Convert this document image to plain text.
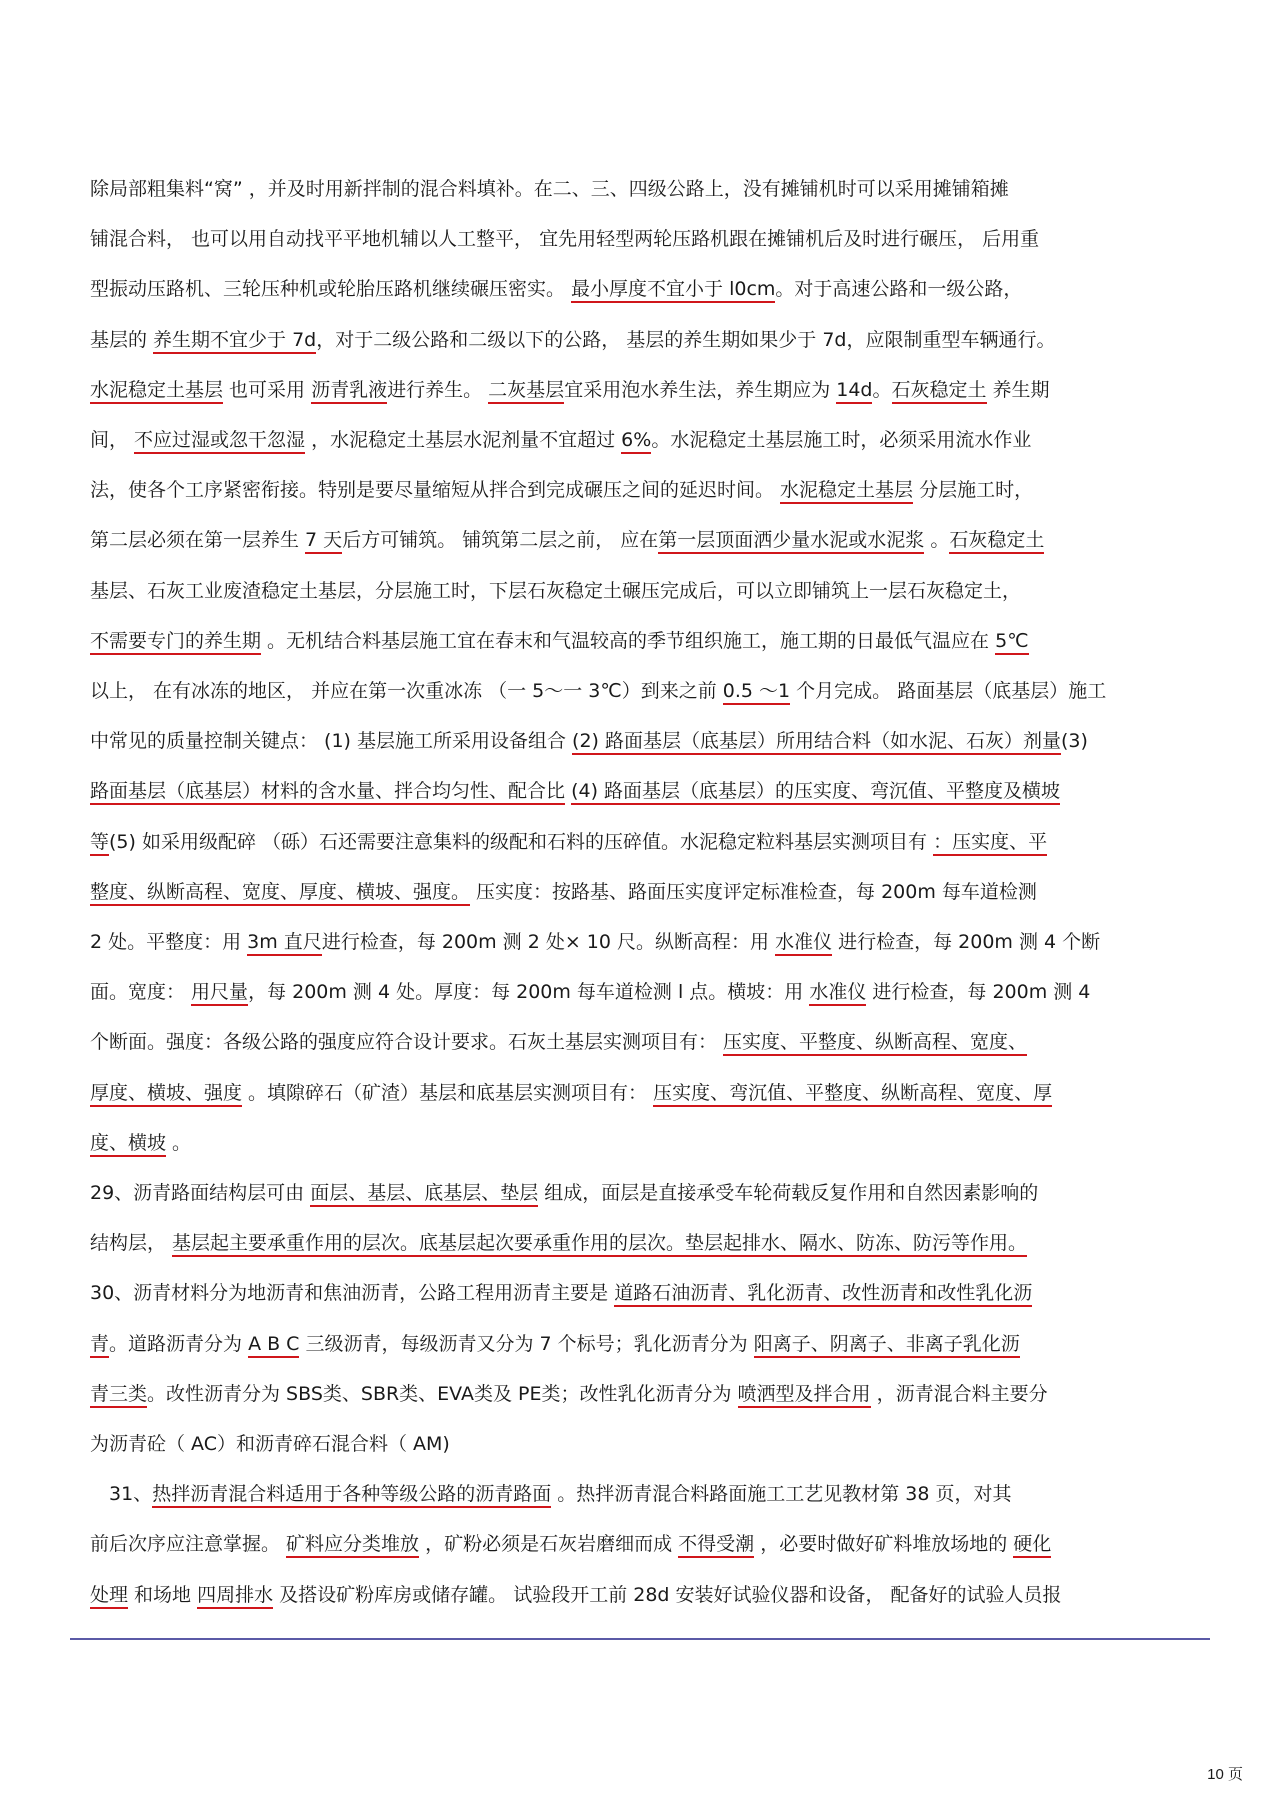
除局部粗集料“窝” ，并及时用新拌制的混合料填补。在二、三、四级公路上，没有摊铺机时可以采用摊铺箱摊
铺混合料， 也可以用自动找平平地机辅以人工整平， 宜先用轻型两轮压路机跟在摊铺机后及时进行碾压， 后用重
型振动压路机、三轮压种机或轮胎压路机继续碾压密实。 最小厚度不宜小于 l0cm。对于高速公路和一级公路，
基层的 养生期不宜少于 7d，对于二级公路和二级以下的公路， 基层的养生期如果少于 7d，应限制重型车辆通行。
水泥稳定土基层 也可采用 沥青乳液进行养生。 二灰基层宜采用泡水养生法，养生期应为 14d。石灰稳定土 养生期
间， 不应过湿或忽干忽湿 ，水泥稳定土基层水泥剂量不宜超过 6%。水泥稳定土基层施工时，必须采用流水作业
法，使各个工序紧密衔接。特别是要尽量缩短从拌合到完成碾压之间的延迟时间。 水泥稳定土基层 分层施工时，
第二层必须在第一层养生 7 天后方可铺筑。 铺筑第二层之前， 应在第一层顶面洒少量水泥或水泥浆 。石灰稳定土
基层、石灰工业废渣稳定土基层，分层施工时，下层石灰稳定土碾压完成后，可以立即铺筑上一层石灰稳定土，
不需要专门的养生期 。无机结合料基层施工宜在春末和气温较高的季节组织施工，施工期的日最低气温应在 5℃
以上， 在有冰冻的地区， 并应在第一次重冰冻 （一 5～一 3℃）到来之前 0.5 ～1 个月完成。 路面基层（底基层）施工
中常见的质量控制关键点： (1) 基层施工所采用设备组合 (2) 路面基层（底基层）所用结合料（如水泥、石灰）剂量(3)
路面基层（底基层）材料的含水量、拌合均匀性、配合比 (4) 路面基层（底基层）的压实度、弯沉值、平整度及横坡
等(5) 如采用级配碎 （砾）石还需要注意集料的级配和石料的压碎值。水泥稳定粒料基层实测项目有 ：压实度、平
整度、纵断高程、宽度、厚度、横坡、强度。 压实度：按路基、路面压实度评定标准检查，每 200m 每车道检测
2 处。平整度：用 3m 直尺进行检查，每 200m 测 2 处× 10 尺。纵断高程：用 水准仪 进行检查，每 200m 测 4 个断
面。宽度： 用尺量，每 200m 测 4 处。厚度：每 200m 每车道检测 l 点。横坡：用 水准仪 进行检查，每 200m 测 4
个断面。强度：各级公路的强度应符合设计要求。石灰土基层实测项目有： 压实度、平整度、纵断高程、宽度、
厚度、横坡、强度 。填隙碎石（矿渣）基层和底基层实测项目有： 压实度、弯沉值、平整度、纵断高程、宽度、厚
度、横坡 。
29、沥青路面结构层可由 面层、基层、底基层、垫层 组成，面层是直接承受车轮荷载反复作用和自然因素影响的
结构层， 基层起主要承重作用的层次。底基层起次要承重作用的层次。垫层起排水、隔水、防冻、防污等作用。
30、沥青材料分为地沥青和焦油沥青，公路工程用沥青主要是 道路石油沥青、乳化沥青、改性沥青和改性乳化沥
青。道路沥青分为 A B C 三级沥青，每级沥青又分为 7 个标号；乳化沥青分为 阳离子、阴离子、非离子乳化沥
青三类。改性沥青分为 SBS类、SBR类、EVA类及 PE类；改性乳化沥青分为 喷洒型及拌合用 ，沥青混合料主要分
为沥青砼（ AC）和沥青碎石混合料（ AM)
　31、热拌沥青混合料适用于各种等级公路的沥青路面 。热拌沥青混合料路面施工工艺见教材第 38 页，对其
前后次序应注意掌握。 矿料应分类堆放 ，矿粉必须是石灰岩磨细而成 不得受潮 ，必要时做好矿料堆放场地的 硬化
处理 和场地 四周排水 及搭设矿粉库房或储存罐。 试验段开工前 28d 安装好试验仪器和设备， 配备好的试验人员报
10 页
